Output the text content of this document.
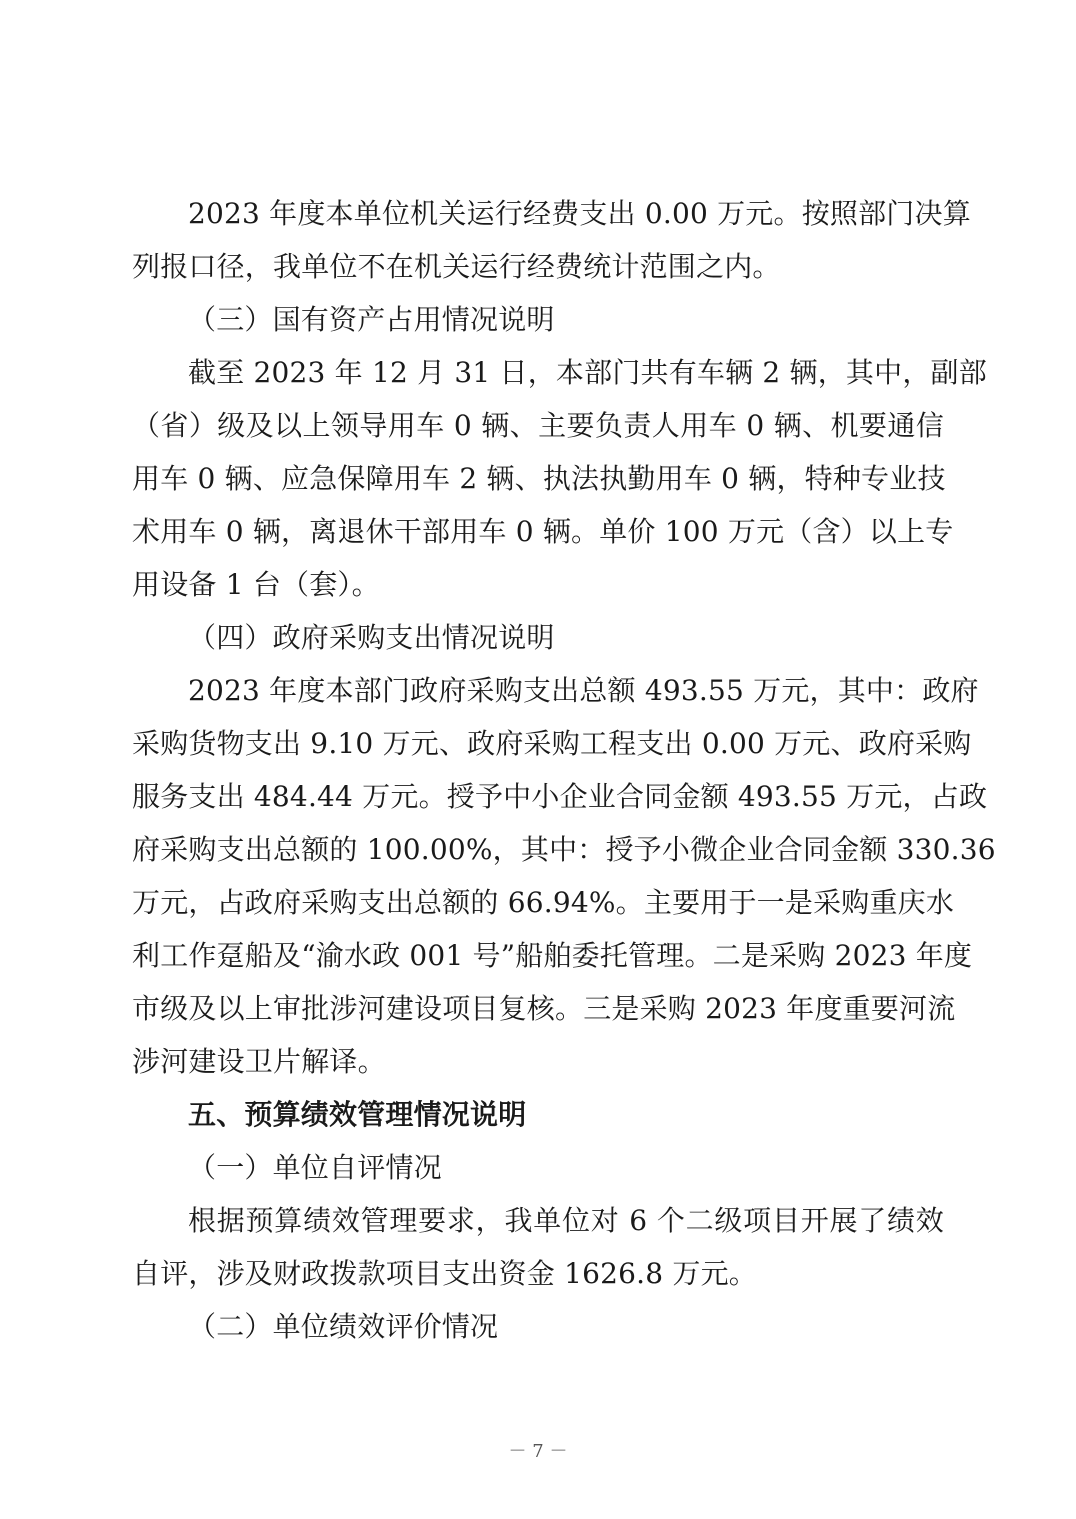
2023 年度本单位机关运行经费支出 0.00 万元。按照部门决算
列报口径，我单位不在机关运行经费统计范围之内。
（三）国有资产占用情况说明
截至 2023 年 12 月 31 日，本部门共有车辆 2 辆，其中，副部
（省）级及以上领导用车 0 辆、主要负责人用车 0 辆、机要通信
用车 0 辆、应急保障用车 2 辆、执法执勤用车 0 辆，特种专业技
术用车 0 辆，离退休干部用车 0 辆。单价 100 万元（含）以上专
用设备 1 台（套）。
（四）政府采购支出情况说明
2023 年度本部门政府采购支出总额 493.55 万元，其中：政府
采购货物支出 9.10 万元、政府采购工程支出 0.00 万元、政府采购
服务支出 484.44 万元。授予中小企业合同金额 493.55 万元，占政
府采购支出总额的 100.00%，其中：授予小微企业合同金额 330.36
万元，占政府采购支出总额的 66.94%。主要用于一是采购重庆水
利工作趸船及“渝水政 001 号”船舶委托管理。二是采购 2023 年度
市级及以上审批涉河建设项目复核。三是采购 2023 年度重要河流
涉河建设卫片解译。
五、预算绩效管理情况说明
（一）单位自评情况
根据预算绩效管理要求，我单位对 6 个二级项目开展了绩效
自评，涉及财政拨款项目支出资金 1626.8 万元。
（二）单位绩效评价情况
－ 7 －
